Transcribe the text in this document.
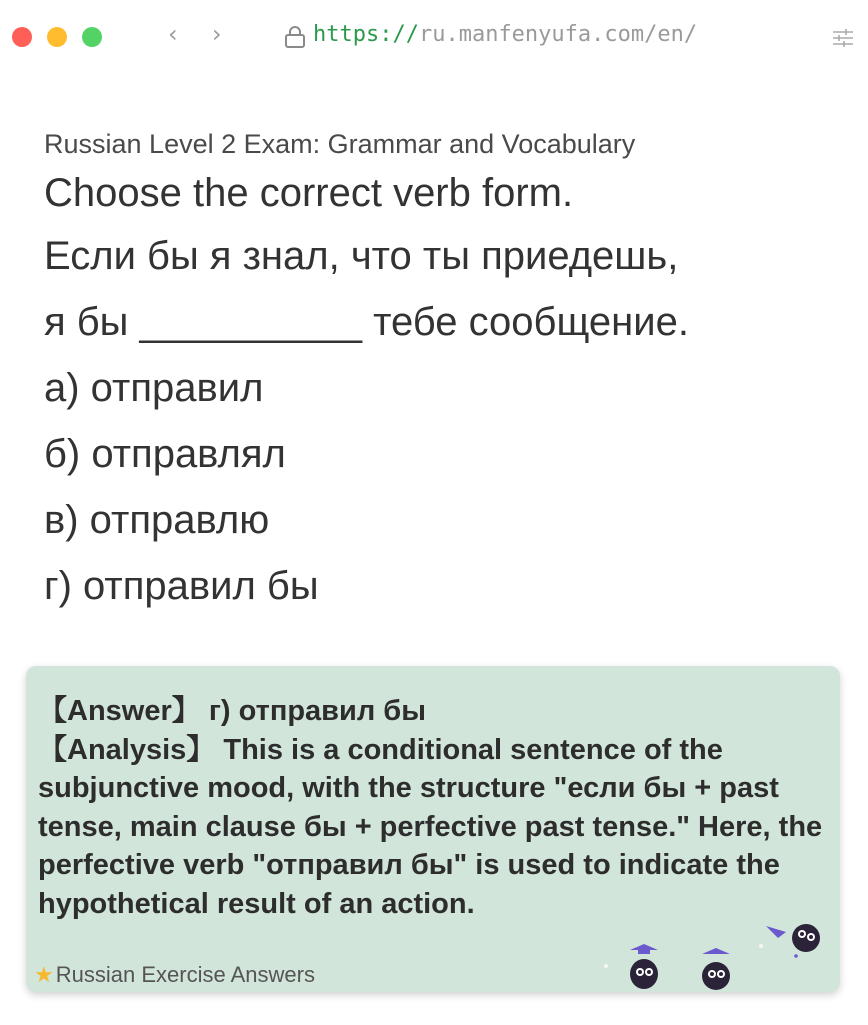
‹ ›	https://ru.manfenyufa.com/en/

Russian Level 2 Exam: Grammar and Vocabulary

Choose the correct verb form.

Если бы я знал, что ты приедешь,

я бы __________ тебе сообщение.

а) отправил

б) отправлял

в) отправлю

г) отправил бы

【Answer】 г) отправил бы

【Analysis】 This is a conditional sentence of the subjunctive mood, with the structure "если бы + past tense, main clause бы + perfective past tense." Here, the perfective verb "отправил бы" is used to indicate the hypothetical result of an action.

★Russian Exercise Answers
